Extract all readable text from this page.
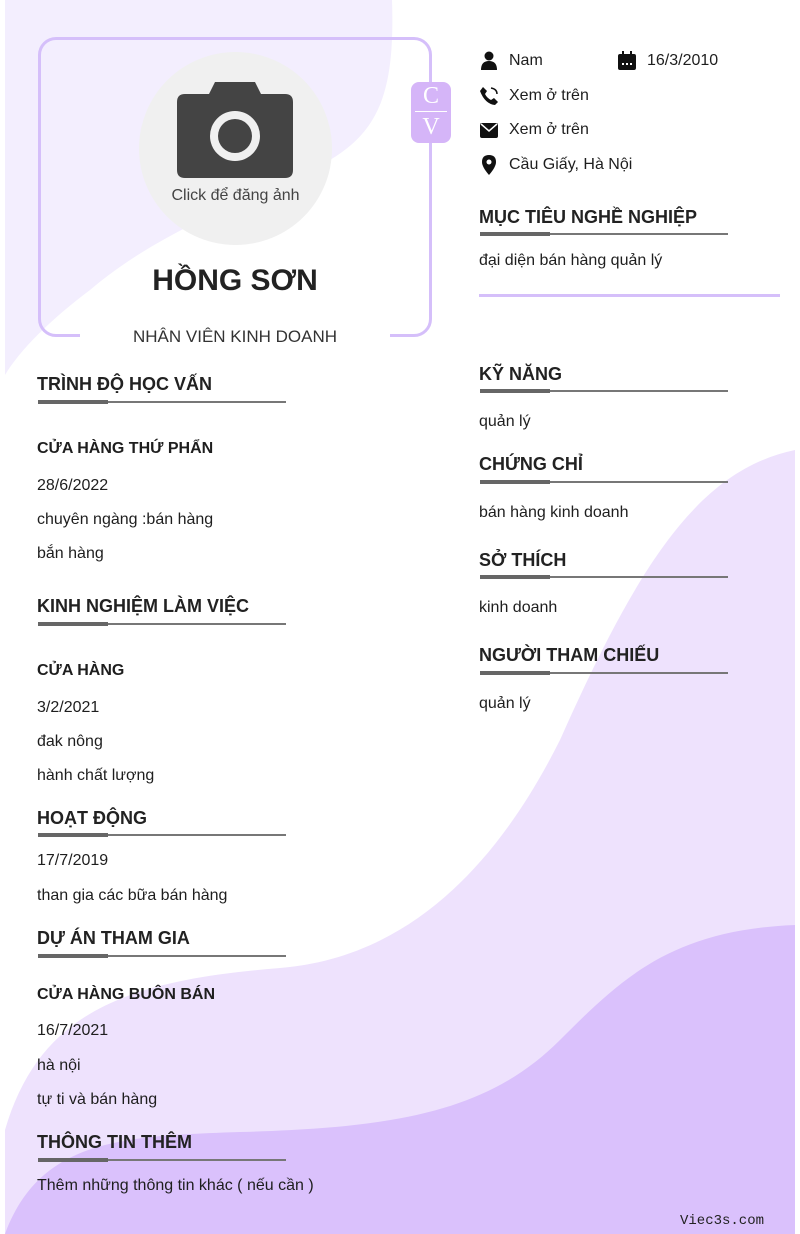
Click để đăng ảnh
HỒNG SƠN
NHÂN VIÊN KINH DOANH
C
V
Nam	16/3/2010
Xem ở trên
Xem ở trên
Cầu Giấy, Hà Nội
MỤC TIÊU NGHỀ NGHIỆP
đại diện bán hàng quản lý
KỸ NĂNG
quản lý
CHỨNG CHỈ
bán hàng kinh doanh
SỞ THÍCH
kinh doanh
NGƯỜI THAM CHIẾU
quản lý
TRÌNH ĐỘ HỌC VẤN
CỬA HÀNG THỨ PHẨN
28/6/2022
chuyên ngàng :bán hàng
bắn hàng
KINH NGHIỆM LÀM VIỆC
CỬA HÀNG
3/2/2021
đak nông
hành chất lượng
HOẠT ĐỘNG
17/7/2019
than gia các bữa bán hàng
DỰ ÁN THAM GIA
CỬA HÀNG BUÔN BÁN
16/7/2021
hà nội
tự ti và bán hàng
THÔNG TIN THÊM
Thêm những thông tin khác ( nếu cần )
Viec3s.com
